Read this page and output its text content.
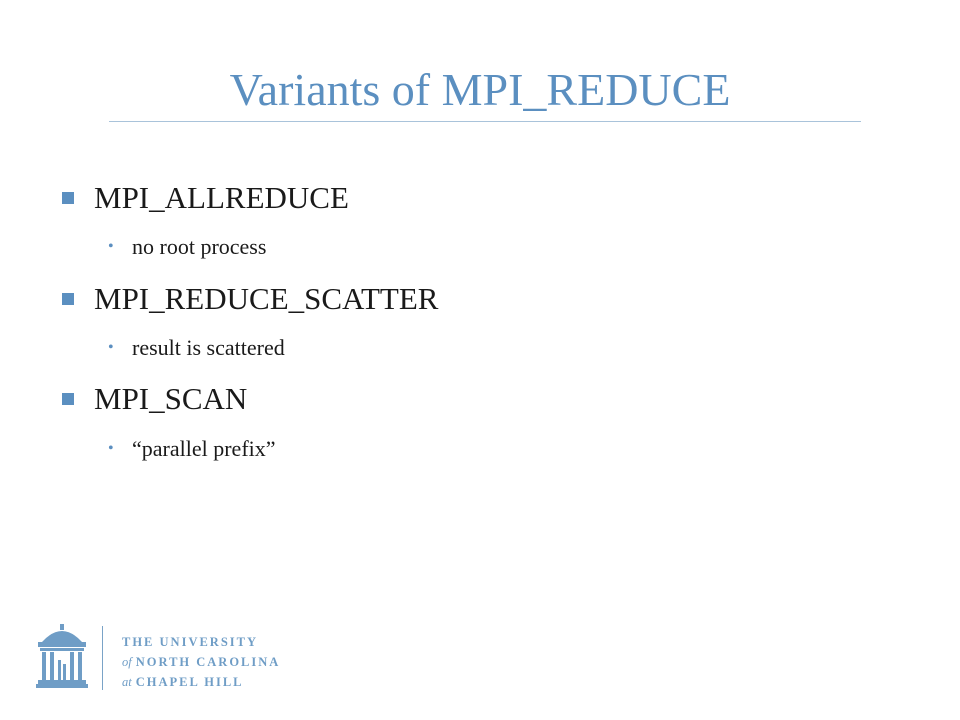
Variants of MPI_REDUCE
MPI_ALLREDUCE
• no root process
MPI_REDUCE_SCATTER
• result is scattered
MPI_SCAN
• “parallel prefix”
THE UNIVERSITY
of NORTH CAROLINA
at CHAPEL HILL
